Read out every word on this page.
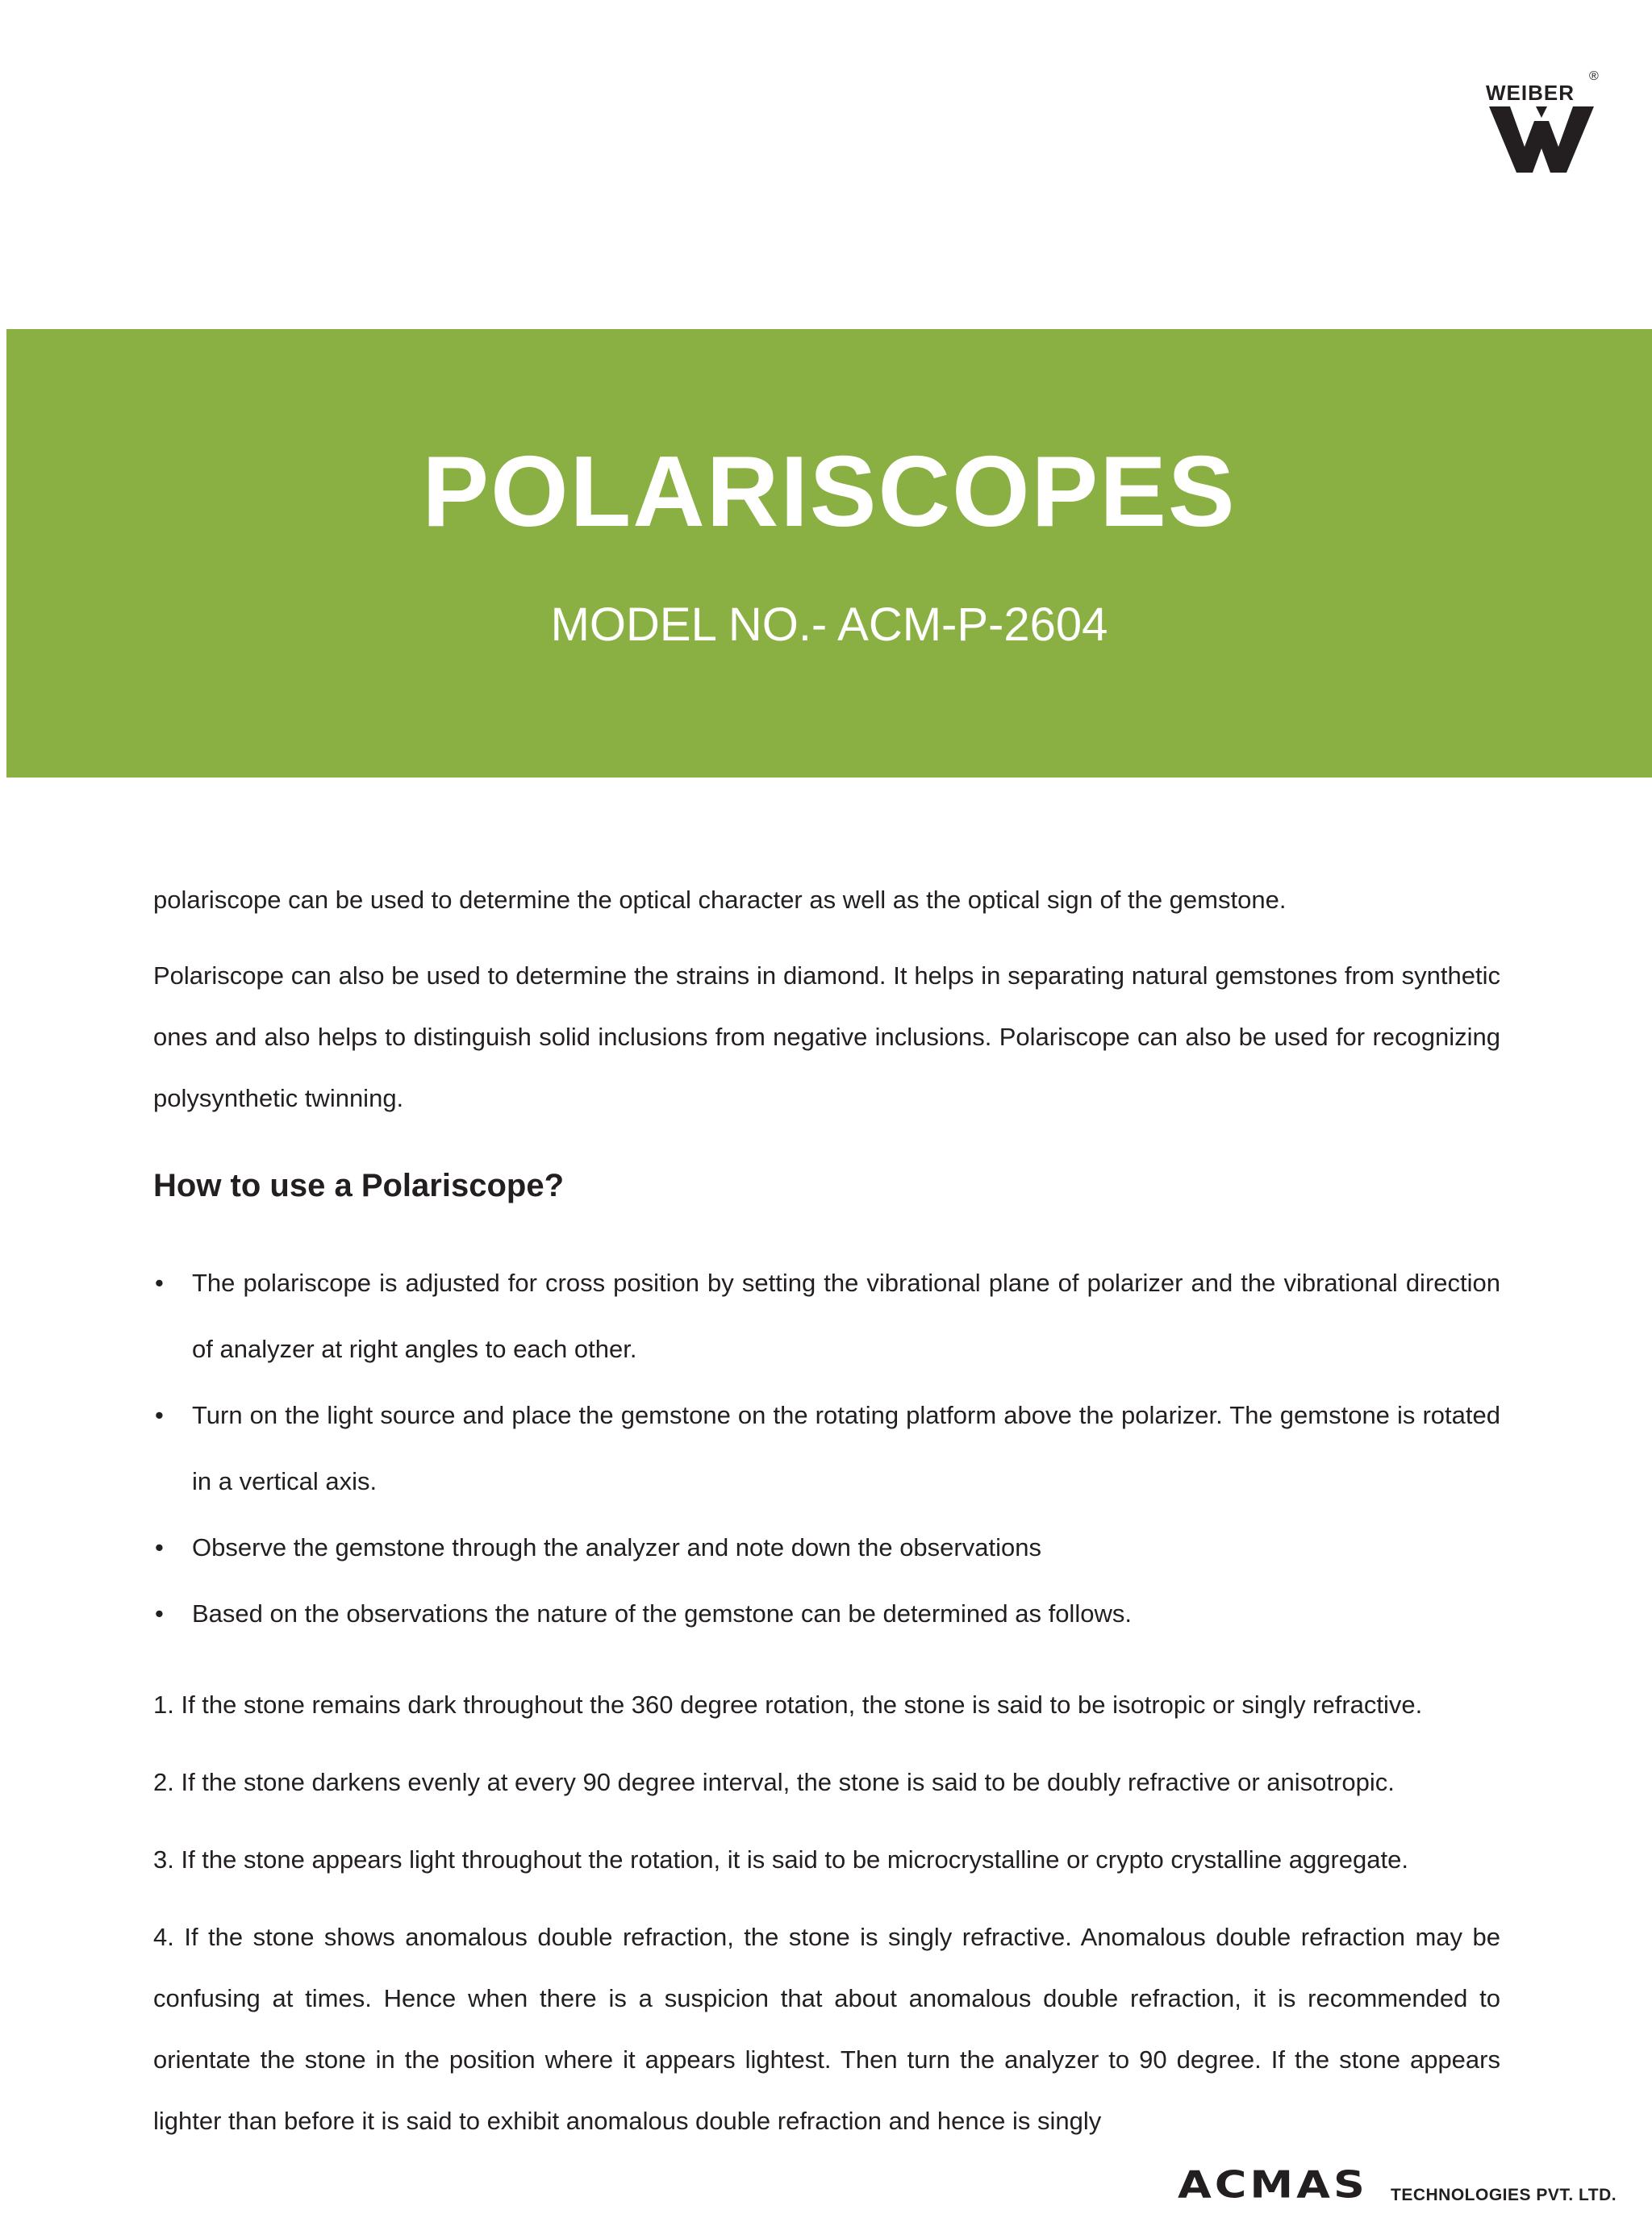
WEIBER
®
POLARISCOPES
MODEL NO.- ACM-P-2604

polariscope can be used to determine the optical character as well as the optical sign of the gemstone.

Polariscope can also be used to determine the strains in diamond. It helps in separating natural gemstones from synthetic ones and also helps to distinguish solid inclusions from negative inclusions. Polariscope can also be used for recognizing polysynthetic twinning.

How to use a Polariscope?
• The polariscope is adjusted for cross position by setting the vibrational plane of polarizer and the vibrational direction of analyzer at right angles to each other.
• Turn on the light source and place the gemstone on the rotating platform above the polarizer. The gemstone is rotated in a vertical axis.
• Observe the gemstone through the analyzer and note down the observations
• Based on the observations the nature of the gemstone can be determined as follows.

1. If the stone remains dark throughout the 360 degree rotation, the stone is said to be isotropic or singly refractive.

2. If the stone darkens evenly at every 90 degree interval, the stone is said to be doubly refractive or anisotropic.

3. If the stone appears light throughout the rotation, it is said to be microcrystalline or crypto crystalline aggregate.

4. If the stone shows anomalous double refraction, the stone is singly refractive. Anomalous double refraction may be confusing at times. Hence when there is a suspicion that about anomalous double refraction, it is recommended to orientate the stone in the position where it appears lightest. Then turn the analyzer to 90 degree. If the stone appears lighter than before it is said to exhibit anomalous double refraction and hence is singly

ACMAS TECHNOLOGIES PVT. LTD.
